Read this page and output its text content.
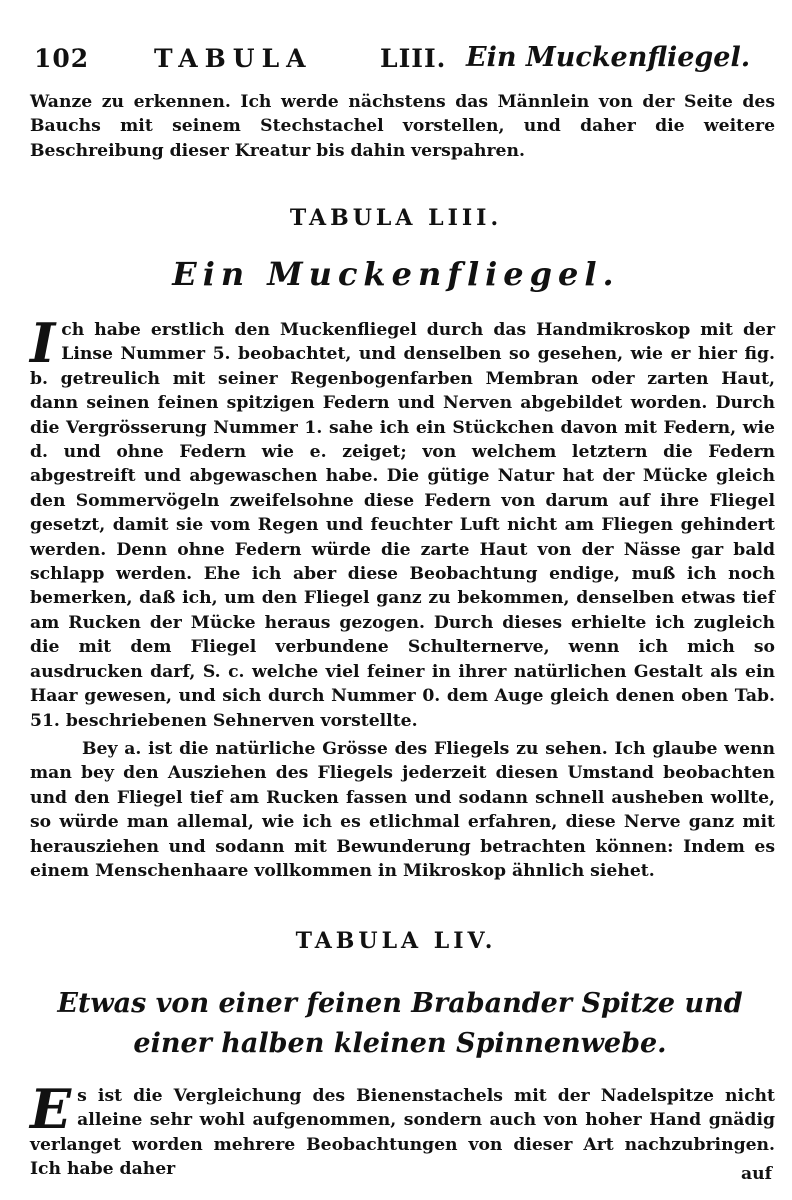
102	TABULA	LIII. Ein Muckenfliegel.

Wanze zu erkennen. Ich werde nächstens das Männlein von der Seite des Bauchs mit seinem Stechstachel vorstellen, und daher die weitere Beschreibung dieser Kreatur bis dahin verspahren.

TABULA LIII.
Ein Muckenfliegel.
Ich habe erstlich den Muckenfliegel durch das Handmikroskop mit der Linse Nummer 5. beobachtet, und denselben so gesehen, wie er hier fig. b. getreulich mit seiner Regenbogenfarben Membran oder zarten Haut, dann seinen feinen spitzigen Federn und Nerven abgebildet worden. Durch die Vergrösserung Nummer 1. sahe ich ein Stückchen davon mit Federn, wie d. und ohne Federn wie e. zeiget; von welchem letztern die Federn abgestreift und abgewaschen habe. Die gütige Natur hat der Mücke gleich den Sommervögeln zweifelsohne diese Federn von darum auf ihre Fliegel gesetzt, damit sie vom Regen und feuchter Luft nicht am Fliegen gehindert werden. Denn ohne Federn würde die zarte Haut von der Nässe gar bald schlapp werden. Ehe ich aber diese Beobachtung endige, muß ich noch bemerken, daß ich, um den Fliegel ganz zu bekommen, denselben etwas tief am Rucken der Mücke heraus gezogen. Durch dieses erhielte ich zugleich die mit dem Fliegel verbundene Schulternerve, wenn ich mich so ausdrucken darf, S. c. welche viel feiner in ihrer natürlichen Gestalt als ein Haar gewesen, und sich durch Nummer 0. dem Auge gleich denen oben Tab. 51. beschriebenen Sehnerven vorstellte.

Bey a. ist die natürliche Grösse des Fliegels zu sehen. Ich glaube wenn man bey den Ausziehen des Fliegels jederzeit diesen Umstand beobachten und den Fliegel tief am Rucken fassen und sodann schnell ausheben wollte, so würde man allemal, wie ich es etlichmal erfahren, diese Nerve ganz mit herausziehen und sodann mit Bewunderung betrachten können: Indem es einem Menschenhaare vollkommen in Mikroskop ähnlich siehet.

TABULA LIV.
Etwas von einer feinen Brabander Spitze und einer halben kleinen Spinnenwebe.
Es ist die Vergleichung des Bienenstachels mit der Nadelspitze nicht alleine sehr wohl aufgenommen, sondern auch von hoher Hand gnädig verlanget worden mehrere Beobachtungen von dieser Art nachzubringen. Ich habe daher	auf
